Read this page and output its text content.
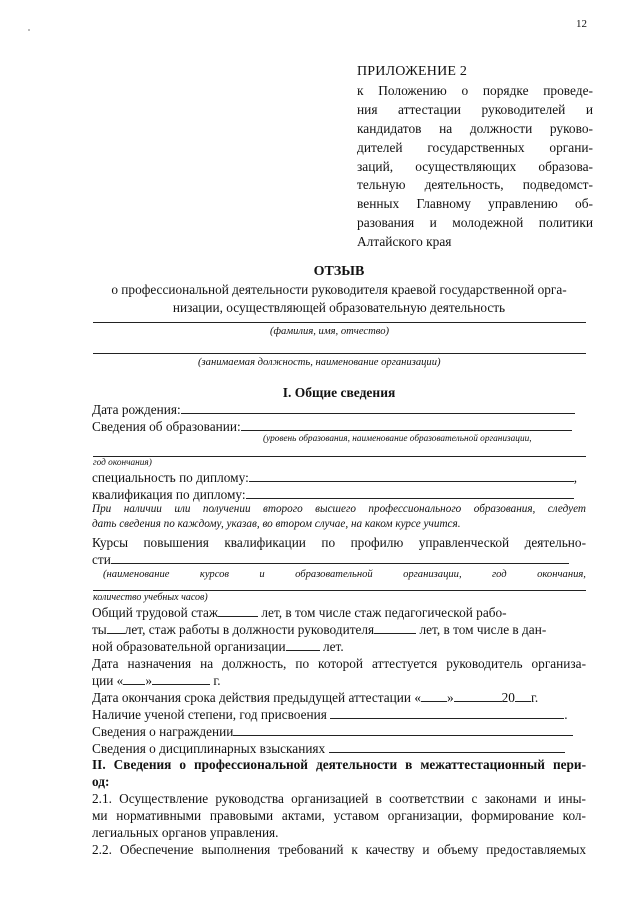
12
ПРИЛОЖЕНИЕ 2
к Положению о порядке проведе-
ния аттестации руководителей и
кандидатов на должности руково-
дителей государственных органи-
заций, осуществляющих образова-
тельную деятельность, подведомст-
венных Главному управлению об-
разования и молодежной политики
Алтайского края
ОТЗЫВ
о профессиональной деятельности руководителя краевой государственной орга-
низации, осуществляющей образовательную деятельность
(фамилия, имя, отчество)
(занимаемая должность, наименование организации)
I. Общие сведения
Дата рождения:
Сведения об образовании:
(уровень образования, наименование образовательной организации,
год окончания)
специальность по диплому:	,
квалификация по диплому:
При наличии или получении второго высшего профессионального образования, следует
дать сведения по каждому, указав, во втором случае, на каком курсе учится.
Курсы повышения квалификации по профилю управленческой деятельно-
сти
(наименование	курсов	и	образовательной	организации,	год	окончания,
количество учебных часов)
Общий трудовой стаж	лет, в том числе стаж педагогической рабо-
ты лет, стаж работы в должности руководителя	лет, в том числе в дан-
ной образовательной организации	лет.
Дата назначения на должность, по которой аттестуется руководитель организа-
ции « »	г.
Дата окончания срока действия предыдущей аттестации « »	20 г.
Наличие ученой степени, год присвоения	.
Сведения о награждении
Сведения о дисциплинарных взысканиях
II. Сведения о профессиональной деятельности в межаттестационный пери-
од:
2.1. Осуществление руководства организацией в соответствии с законами и ины-
ми нормативными правовыми актами, уставом организации, формирование кол-
легиальных органов управления.
2.2. Обеспечение выполнения требований к качеству и объему предоставляемых
